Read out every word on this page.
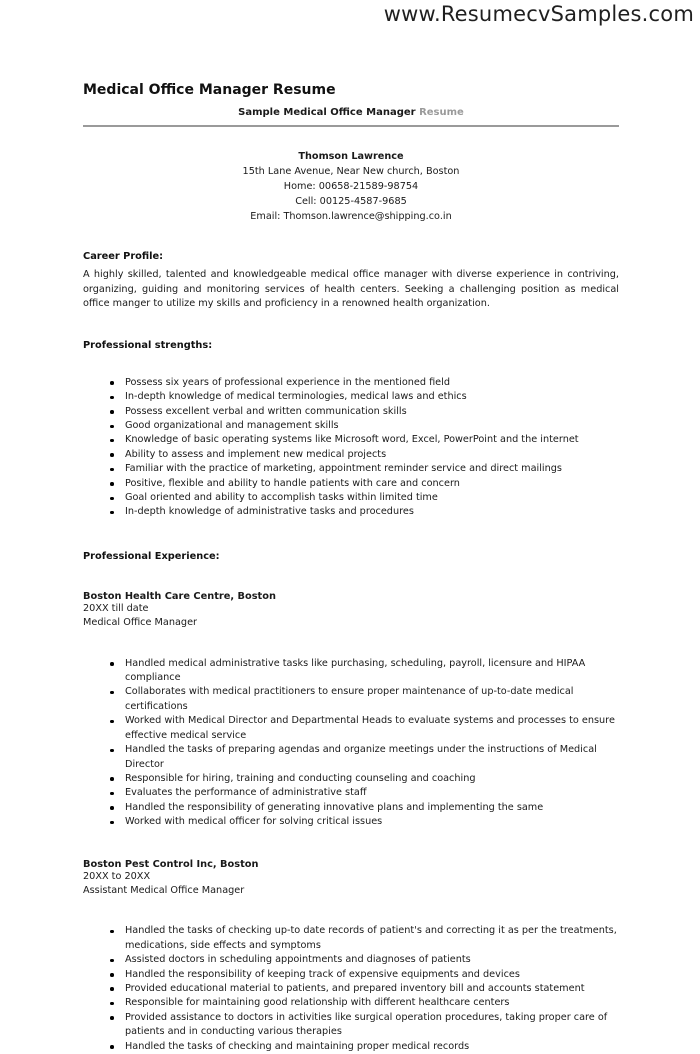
www.ResumecvSamples.com
Medical Office Manager Resume
Sample Medical Office Manager Resume
Thomson Lawrence
15th Lane Avenue, Near New church, Boston
Home: 00658-21589-98754
Cell: 00125-4587-9685
Email: Thomson.lawrence@shipping.co.in
Career Profile:
A highly skilled, talented and knowledgeable medical office manager with diverse experience in contriving, organizing, guiding and monitoring services of health centers. Seeking a challenging position as medical office manger to utilize my skills and proficiency in a renowned health organization.
Professional strengths:
Possess six years of professional experience in the mentioned field
In-depth knowledge of medical terminologies, medical laws and ethics
Possess excellent verbal and written communication skills
Good organizational and management skills
Knowledge of basic operating systems like Microsoft word, Excel, PowerPoint and the internet
Ability to assess and implement new medical projects
Familiar with the practice of marketing, appointment reminder service and direct mailings
Positive, flexible and ability to handle patients with care and concern
Goal oriented and ability to accomplish tasks within limited time
In-depth knowledge of administrative tasks and procedures
Professional Experience:
Boston Health Care Centre, Boston
20XX till date
Medical Office Manager
Handled medical administrative tasks like purchasing, scheduling, payroll, licensure and HIPAA compliance
Collaborates with medical practitioners to ensure proper maintenance of up-to-date medical certifications
Worked with Medical Director and Departmental Heads to evaluate systems and processes to ensure effective medical service
Handled the tasks of preparing agendas and organize meetings under the instructions of Medical Director
Responsible for hiring, training and conducting counseling and coaching
Evaluates the performance of administrative staff
Handled the responsibility of generating innovative plans and implementing the same
Worked with medical officer for solving critical issues
Boston Pest Control Inc, Boston
20XX to 20XX
Assistant Medical Office Manager
Handled the tasks of checking up-to date records of patient's and correcting it as per the treatments, medications, side effects and symptoms
Assisted doctors in scheduling appointments and diagnoses of patients
Handled the responsibility of keeping track of expensive equipments and devices
Provided educational material to patients, and prepared inventory bill and accounts statement
Responsible for maintaining good relationship with different healthcare centers
Provided assistance to doctors in activities like surgical operation procedures, taking proper care of patients and in conducting various therapies
Handled the tasks of checking and maintaining proper medical records
